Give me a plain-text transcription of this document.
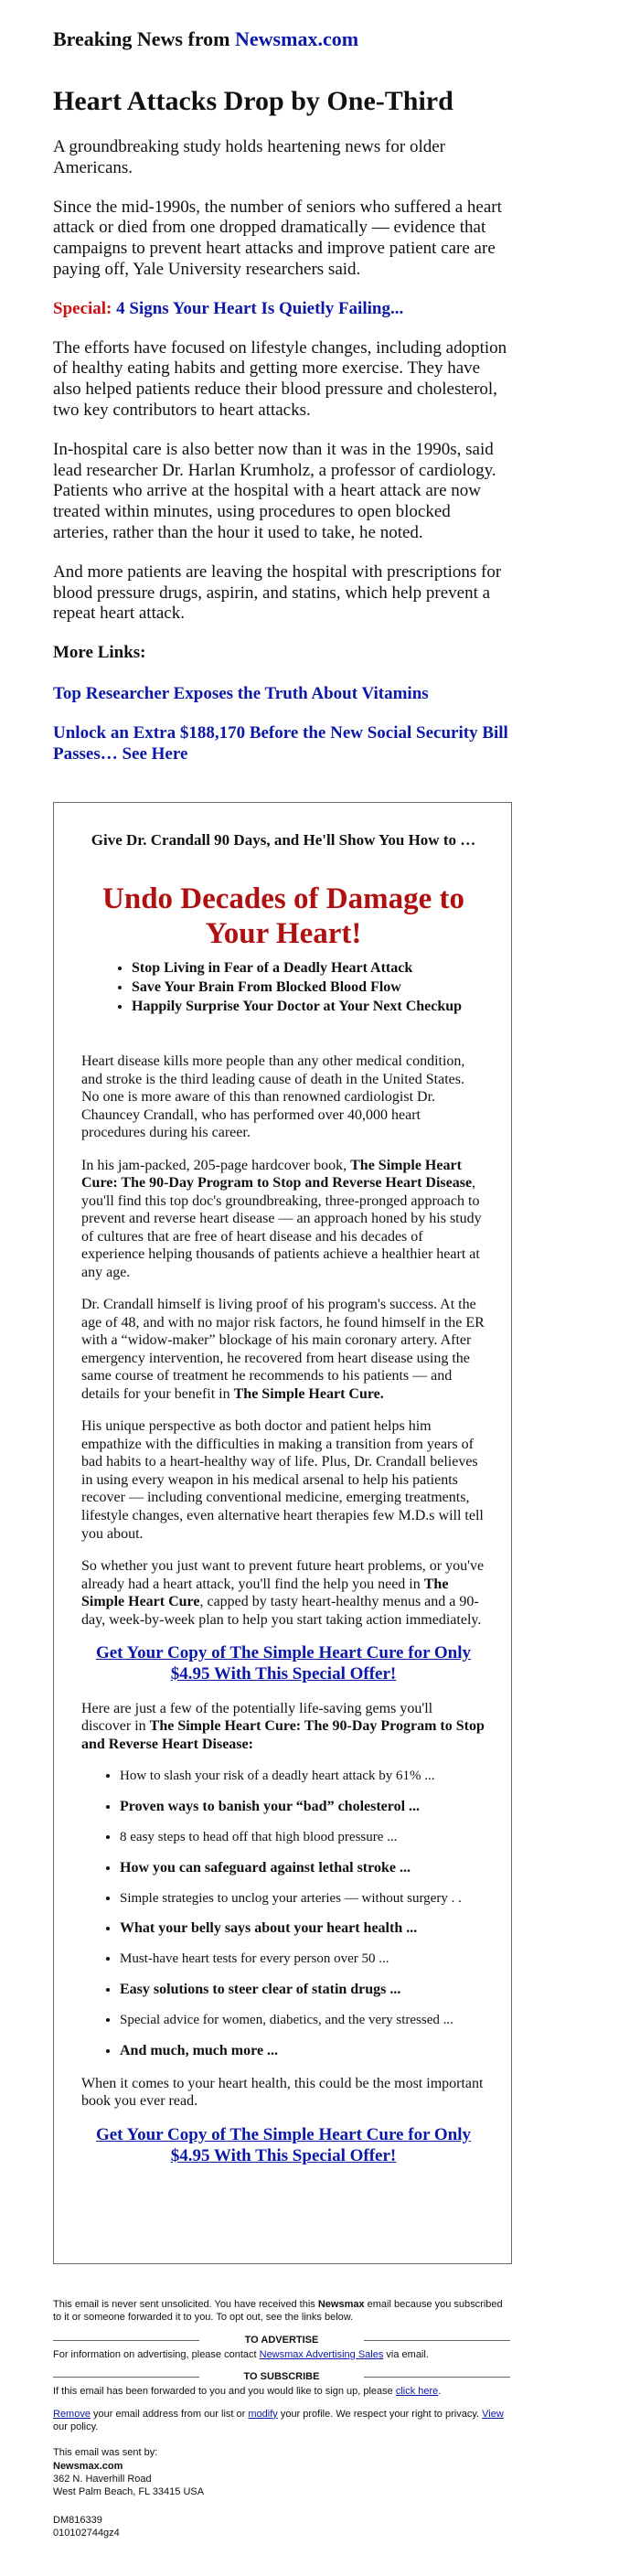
Breaking News from Newsmax.com
Heart Attacks Drop by One-Third

A groundbreaking study holds heartening news for older Americans.

Since the mid-1990s, the number of seniors who suffered a heart attack or died from one dropped dramatically — evidence that campaigns to prevent heart attacks and improve patient care are paying off, Yale University researchers said.

Special: 4 Signs Your Heart Is Quietly Failing...

The efforts have focused on lifestyle changes, including adoption of healthy eating habits and getting more exercise. They have also helped patients reduce their blood pressure and cholesterol, two key contributors to heart attacks.

In-hospital care is also better now than it was in the 1990s, said lead researcher Dr. Harlan Krumholz, a professor of cardiology. Patients who arrive at the hospital with a heart attack are now treated within minutes, using procedures to open blocked arteries, rather than the hour it used to take, he noted.

And more patients are leaving the hospital with prescriptions for blood pressure drugs, aspirin, and statins, which help prevent a repeat heart attack.

More Links:

Top Researcher Exposes the Truth About Vitamins
Unlock an Extra $188,170 Before the New Social Security Bill Passes… See Here

Give Dr. Crandall 90 Days, and He'll Show You How to …

Undo Decades of Damage to Your Heart!

• Stop Living in Fear of a Deadly Heart Attack
• Save Your Brain From Blocked Blood Flow
• Happily Surprise Your Doctor at Your Next Checkup

Heart disease kills more people than any other medical condition, and stroke is the third leading cause of death in the United States. No one is more aware of this than renowned cardiologist Dr. Chauncey Crandall, who has performed over 40,000 heart procedures during his career.

In his jam-packed, 205-page hardcover book, The Simple Heart Cure: The 90-Day Program to Stop and Reverse Heart Disease, you'll find this top doc's groundbreaking, three-pronged approach to prevent and reverse heart disease — an approach honed by his study of cultures that are free of heart disease and his decades of experience helping thousands of patients achieve a healthier heart at any age.

Dr. Crandall himself is living proof of his program's success. At the age of 48, and with no major risk factors, he found himself in the ER with a “widow-maker” blockage of his main coronary artery. After emergency intervention, he recovered from heart disease using the same course of treatment he recommends to his patients — and details for your benefit in The Simple Heart Cure.

His unique perspective as both doctor and patient helps him empathize with the difficulties in making a transition from years of bad habits to a heart-healthy way of life. Plus, Dr. Crandall believes in using every weapon in his medical arsenal to help his patients recover — including conventional medicine, emerging treatments, lifestyle changes, even alternative heart therapies few M.D.s will tell you about.

So whether you just want to prevent future heart problems, or you've already had a heart attack, you'll find the help you need in The Simple Heart Cure, capped by tasty heart-healthy menus and a 90-day, week-by-week plan to help you start taking action immediately.

Get Your Copy of The Simple Heart Cure for Only $4.95 With This Special Offer!

Here are just a few of the potentially life-saving gems you'll discover in The Simple Heart Cure: The 90-Day Program to Stop and Reverse Heart Disease:

• How to slash your risk of a deadly heart attack by 61% ...
• Proven ways to banish your “bad” cholesterol ...
• 8 easy steps to head off that high blood pressure ...
• How you can safeguard against lethal stroke ...
• Simple strategies to unclog your arteries — without surgery . .
• What your belly says about your heart health ...
• Must-have heart tests for every person over 50 ...
• Easy solutions to steer clear of statin drugs ...
• Special advice for women, diabetics, and the very stressed ...
• And much, much more ...

When it comes to your heart health, this could be the most important book you ever read.

Get Your Copy of The Simple Heart Cure for Only $4.95 With This Special Offer!

This email is never sent unsolicited. You have received this Newsmax email because you subscribed to it or someone forwarded it to you. To opt out, see the links below.

TO ADVERTISE

For information on advertising, please contact Newsmax Advertising Sales via email.

TO SUBSCRIBE

If this email has been forwarded to you and you would like to sign up, please click here.

Remove your email address from our list or modify your profile. We respect your right to privacy. View our policy.

This email was sent by:
Newsmax.com
362 N. Haverhill Road
West Palm Beach, FL 33415 USA
DM816339
010102744gz4
